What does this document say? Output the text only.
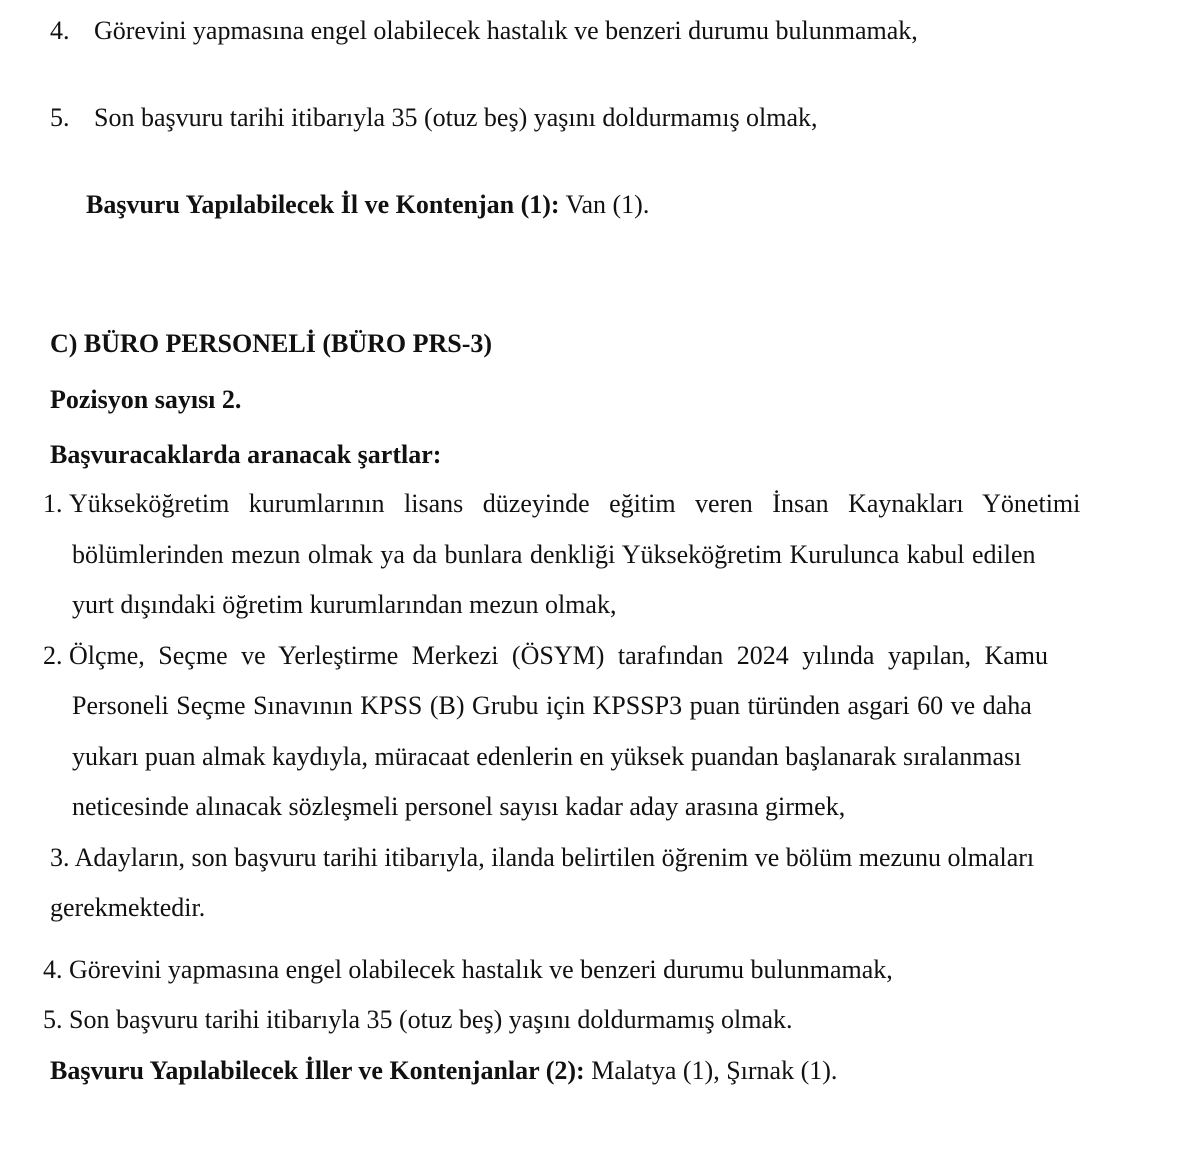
4. Görevini yapmasına engel olabilecek hastalık ve benzeri durumu bulunmamak,
5. Son başvuru tarihi itibarıyla 35 (otuz beş) yaşını doldurmamış olmak,
Başvuru Yapılabilecek İl ve Kontenjan (1): Van (1).
C) BÜRO PERSONELİ (BÜRO PRS-3)
Pozisyon sayısı 2.
Başvuracaklarda aranacak şartlar:
1. Yükseköğretim kurumlarının lisans düzeyinde eğitim veren İnsan Kaynakları Yönetimi
bölümlerinden mezun olmak ya da bunlara denkliği Yükseköğretim Kurulunca kabul edilen
yurt dışındaki öğretim kurumlarından mezun olmak,
2. Ölçme, Seçme ve Yerleştirme Merkezi (ÖSYM) tarafından 2024 yılında yapılan, Kamu
Personeli Seçme Sınavının KPSS (B) Grubu için KPSSP3 puan türünden asgari 60 ve daha
yukarı puan almak kaydıyla, müracaat edenlerin en yüksek puandan başlanarak sıralanması
neticesinde alınacak sözleşmeli personel sayısı kadar aday arasına girmek,
3. Adayların, son başvuru tarihi itibarıyla, ilanda belirtilen öğrenim ve bölüm mezunu olmaları
gerekmektedir.
4. Görevini yapmasına engel olabilecek hastalık ve benzeri durumu bulunmamak,
5. Son başvuru tarihi itibarıyla 35 (otuz beş) yaşını doldurmamış olmak.
Başvuru Yapılabilecek İller ve Kontenjanlar (2): Malatya (1), Şırnak (1).
